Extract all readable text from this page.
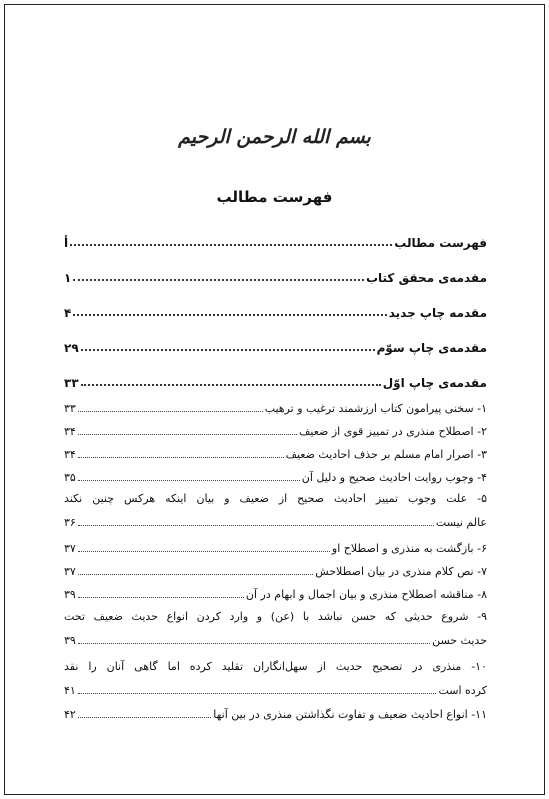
بسم الله الرحمن الرحیم
فهرست مطالب
فهرست مطالب
أ
مقدمه‌ی محقق کتاب
۱
مقدمه چاپ جدید
۴
مقدمه‌ی چاپ سوّم
۲۹
مقدمه‌ی چاپ اوّل
۳۳
۱- سخنی پیرامون کتاب ارزشمند ترغیب و ترهیب
۳۳
۲- اصطلاح منذری در تمییز قوی از ضعیف
۳۴
۳- اصرار امام مسلم بر حذف احادیث ضعیف
۳۴
۴- وجوب روایت احادیث صحیح و دلیل آن
۳۵
۵- علت وجوب تمییز احادیث صحیح از ضعیف و بیان اینکه هرکس چنین نکند
عالم نیست
۳۶
۶- بازگشت به منذری و اصطلاح او
۳۷
۷- نص کلام منذری در بیان اصطلاحش
۳۷
۸- مناقشه اصطلاح منذری و بیان اجمال و ابهام در آن
۳۹
۹- شروع حدیثی که حسن نباشد با (عن) و وارد کردن انواع حدیث ضعیف تحت
حدیث حسن
۳۹
۱۰- منذری در تصحیح حدیث از سهل‌انگاران تقلید کرده اما گاهی آنان را نقد
کرده است
۴۱
۱۱- انواع احادیث ضعیف و تفاوت نگذاشتن منذری در بین آنها
۴۲
